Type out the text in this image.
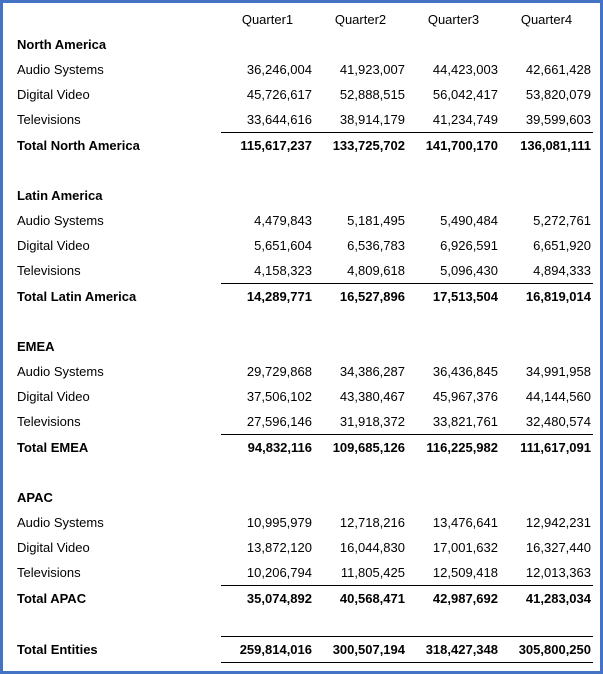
	Quarter1	Quarter2	Quarter3	Quarter4
North America				
Audio Systems	36,246,004	41,923,007	44,423,003	42,661,428
Digital Video	45,726,617	52,888,515	56,042,417	53,820,079
Televisions	33,644,616	38,914,179	41,234,749	39,599,603
Total North America	115,617,237	133,725,702	141,700,170	136,081,111

Latin America				
Audio Systems	4,479,843	5,181,495	5,490,484	5,272,761
Digital Video	5,651,604	6,536,783	6,926,591	6,651,920
Televisions	4,158,323	4,809,618	5,096,430	4,894,333
Total Latin America	14,289,771	16,527,896	17,513,504	16,819,014

EMEA				
Audio Systems	29,729,868	34,386,287	36,436,845	34,991,958
Digital Video	37,506,102	43,380,467	45,967,376	44,144,560
Televisions	27,596,146	31,918,372	33,821,761	32,480,574
Total EMEA	94,832,116	109,685,126	116,225,982	111,617,091

APAC				
Audio Systems	10,995,979	12,718,216	13,476,641	12,942,231
Digital Video	13,872,120	16,044,830	17,001,632	16,327,440
Televisions	10,206,794	11,805,425	12,509,418	12,013,363
Total APAC	35,074,892	40,568,471	42,987,692	41,283,034

Total Entities	259,814,016	300,507,194	318,427,348	305,800,250
